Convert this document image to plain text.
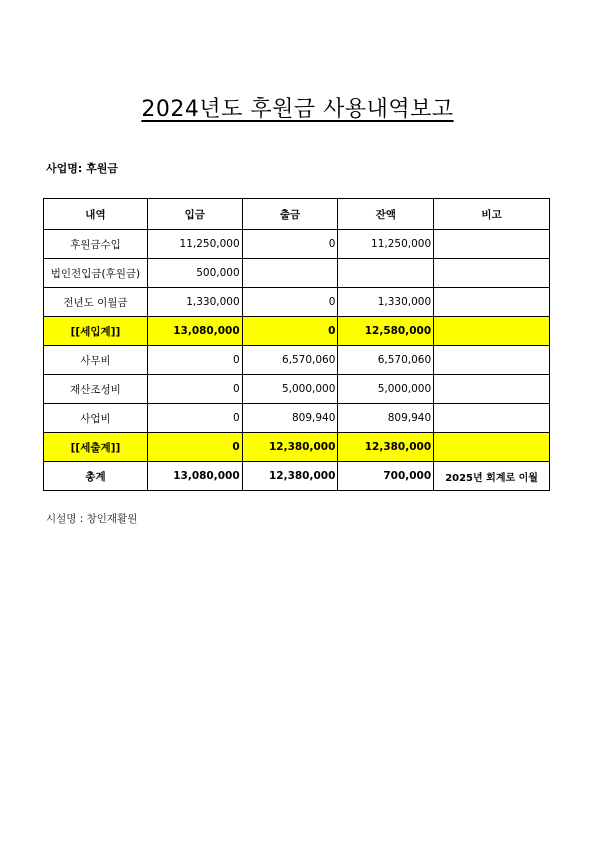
2024년도 후원금 사용내역보고
사업명: 후원금
내역	입금	출금	잔액	비고
후원금수입	11,250,000	0	11,250,000	
법인전입금(후원금)	500,000			
전년도 이월금	1,330,000	0	1,330,000	
[[세입계]]	13,080,000	0	12,580,000	
사무비	0	6,570,060	6,570,060	
재산조성비	0	5,000,000	5,000,000	
사업비	0	809,940	809,940	
[[세출계]]	0	12,380,000	12,380,000	
총계	13,080,000	12,380,000	700,000	2025년 회계로 이월
시설명 : 창인재활원
